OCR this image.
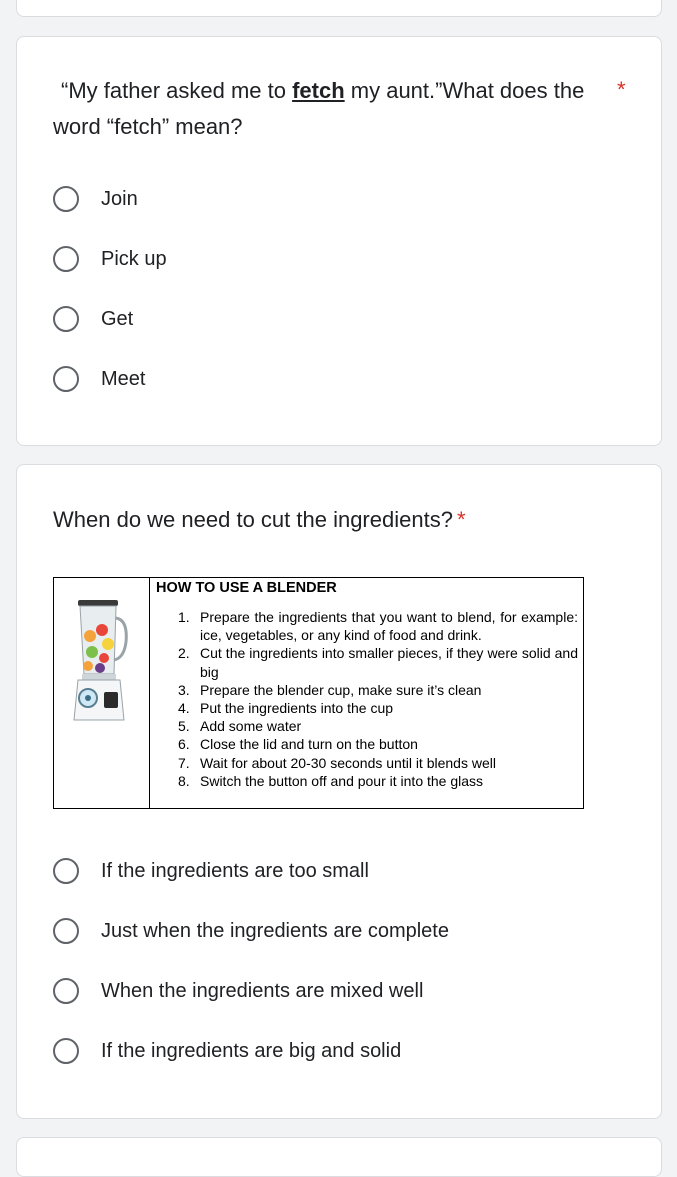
“My father asked me to fetch my aunt.”What does the word “fetch” mean?
*
Join
Pick up
Get
Meet
When do we need to cut the ingredients? *
HOW TO USE A BLENDER
1. Prepare the ingredients that you want to blend, for example: ice, vegetables, or any kind of food and drink.
2. Cut the ingredients into smaller pieces, if they were solid and big
3. Prepare the blender cup, make sure it’s clean
4. Put the ingredients into the cup
5. Add some water
6. Close the lid and turn on the button
7. Wait for about 20-30 seconds until it blends well
8. Switch the button off and pour it into the glass
If the ingredients are too small
Just when the ingredients are complete
When the ingredients are mixed well
If the ingredients are big and solid
